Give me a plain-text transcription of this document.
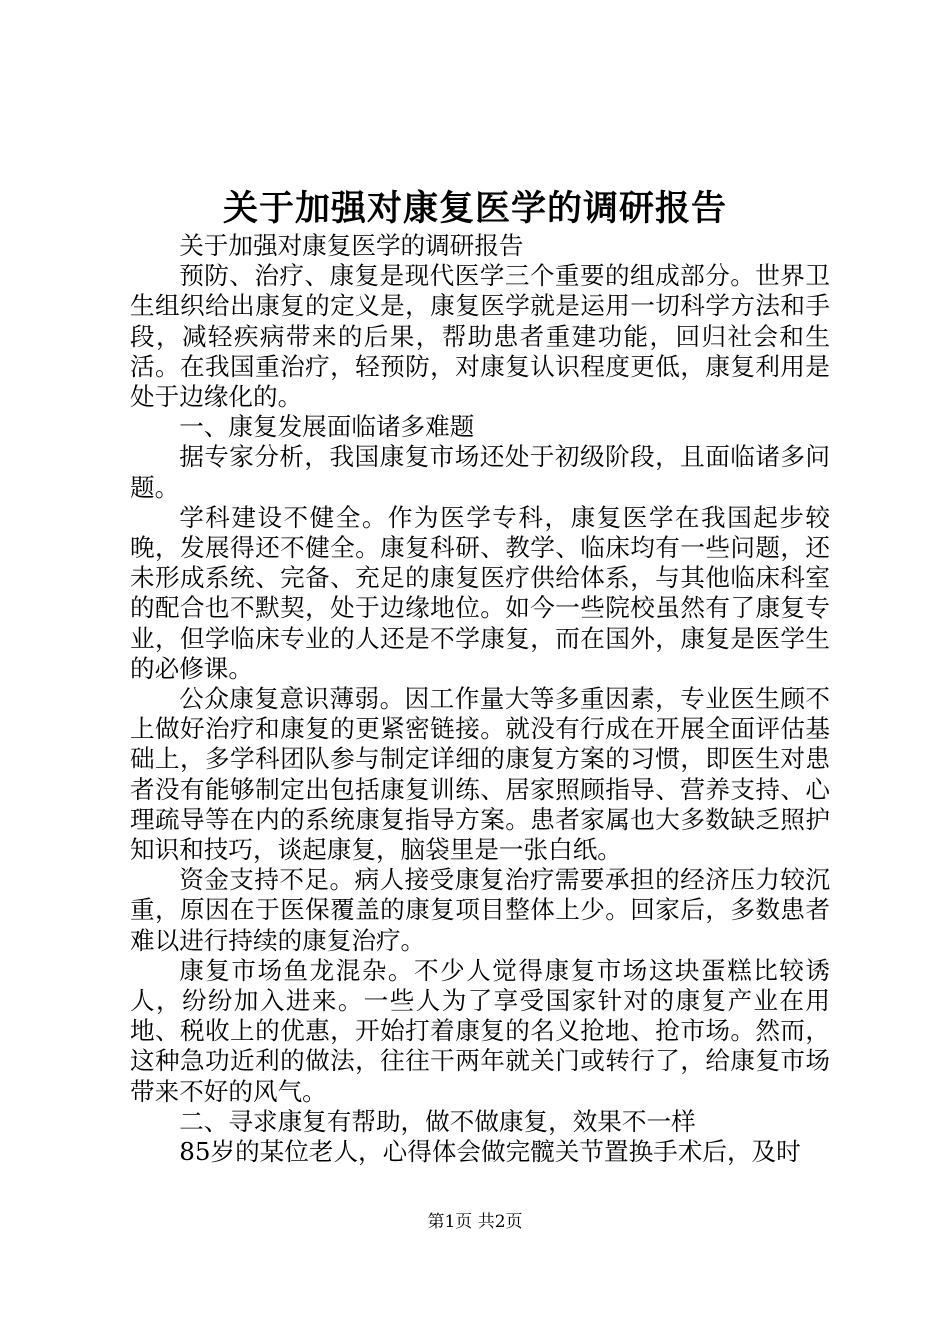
关于加强对康复医学的调研报告

关于加强对康复医学的调研报告

预防、治疗、康复是现代医学三个重要的组成部分。世界卫生组织给出康复的定义是，康复医学就是运用一切科学方法和手段，减轻疾病带来的后果，帮助患者重建功能，回归社会和生活。在我国重治疗，轻预防，对康复认识程度更低，康复利用是处于边缘化的。

一、康复发展面临诸多难题

据专家分析，我国康复市场还处于初级阶段，且面临诸多问题。

学科建设不健全。作为医学专科，康复医学在我国起步较晚，发展得还不健全。康复科研、教学、临床均有一些问题，还未形成系统、完备、充足的康复医疗供给体系，与其他临床科室的配合也不默契，处于边缘地位。如今一些院校虽然有了康复专业，但学临床专业的人还是不学康复，而在国外，康复是医学生的必修课。

公众康复意识薄弱。因工作量大等多重因素，专业医生顾不上做好治疗和康复的更紧密链接。就没有行成在开展全面评估基础上，多学科团队参与制定详细的康复方案的习惯，即医生对患者没有能够制定出包括康复训练、居家照顾指导、营养支持、心理疏导等在内的系统康复指导方案。患者家属也大多数缺乏照护知识和技巧，谈起康复，脑袋里是一张白纸。

资金支持不足。病人接受康复治疗需要承担的经济压力较沉重，原因在于医保覆盖的康复项目整体上少。回家后，多数患者难以进行持续的康复治疗。

康复市场鱼龙混杂。不少人觉得康复市场这块蛋糕比较诱人，纷纷加入进来。一些人为了享受国家针对的康复产业在用地、税收上的优惠，开始打着康复的名义抢地、抢市场。然而，这种急功近利的做法，往往干两年就关门或转行了，给康复市场带来不好的风气。

二、寻求康复有帮助，做不做康复，效果不一样

85岁的某位老人，心得体会做完髋关节置换手术后，及时

第1页 共2页
